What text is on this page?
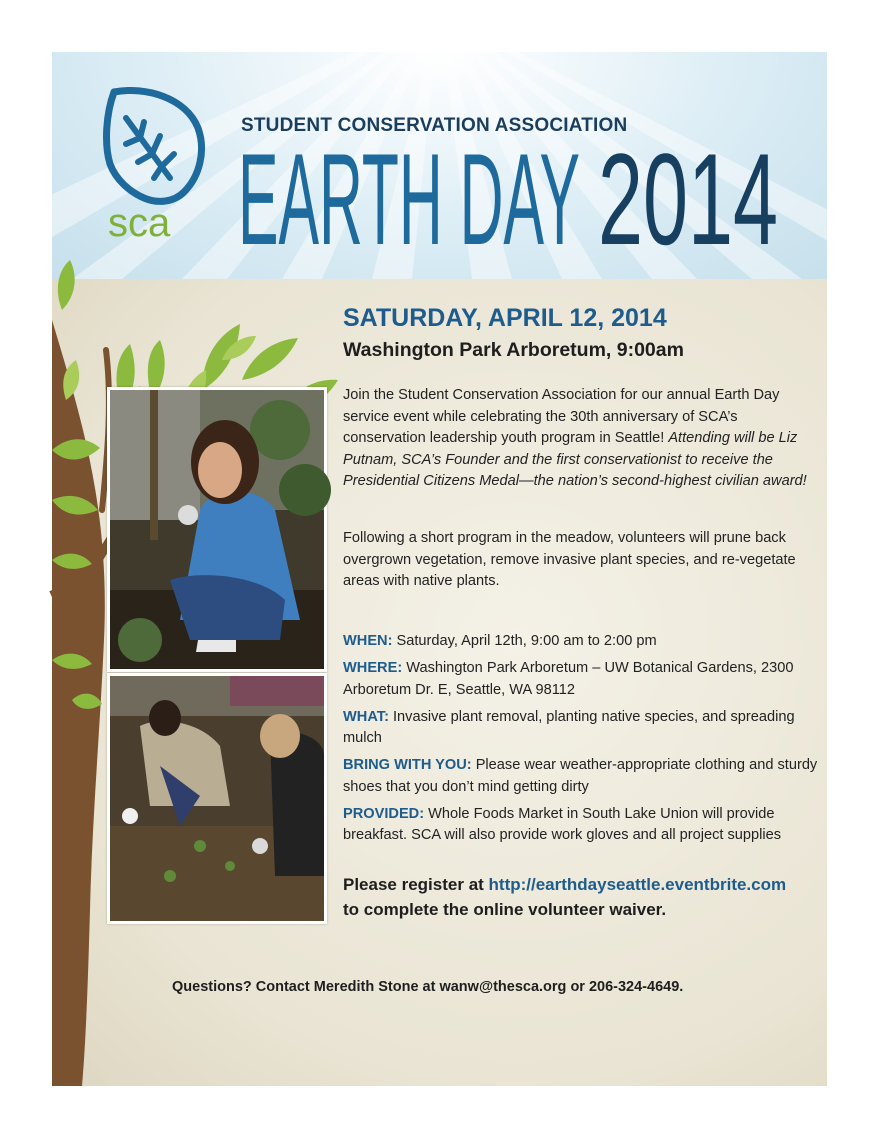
sca
STUDENT CONSERVATION ASSOCIATION
EARTH DAY 2014
SATURDAY, APRIL 12, 2014
Washington Park Arboretum, 9:00am
Join the Student Conservation Association for our annual Earth Day service event while celebrating the 30th anniversary of SCA’s conservation leadership youth program in Seattle! Attending will be Liz Putnam, SCA’s Founder and the first conservationist to receive the Presidential Citizens Medal—the nation’s second-highest civilian award!
Following a short program in the meadow, volunteers will prune back overgrown vegetation, remove invasive plant species, and re-vegetate areas with native plants.

WHEN: Saturday, April 12th, 9:00 am to 2:00 pm

WHERE: Washington Park Arboretum – UW Botanical Gardens, 2300 Arboretum Dr. E, Seattle, WA 98112

WHAT: Invasive plant removal, planting native species, and spreading mulch

BRING WITH YOU: Please wear weather-appropriate clothing and sturdy shoes that you don’t mind getting dirty

PROVIDED: Whole Foods Market in South Lake Union will provide breakfast. SCA will also provide work gloves and all project supplies

Please register at http://earthdayseattle.eventbrite.com
to complete the online volunteer waiver.
Questions? Contact Meredith Stone at wanw@thesca.org or 206-324-4649.
